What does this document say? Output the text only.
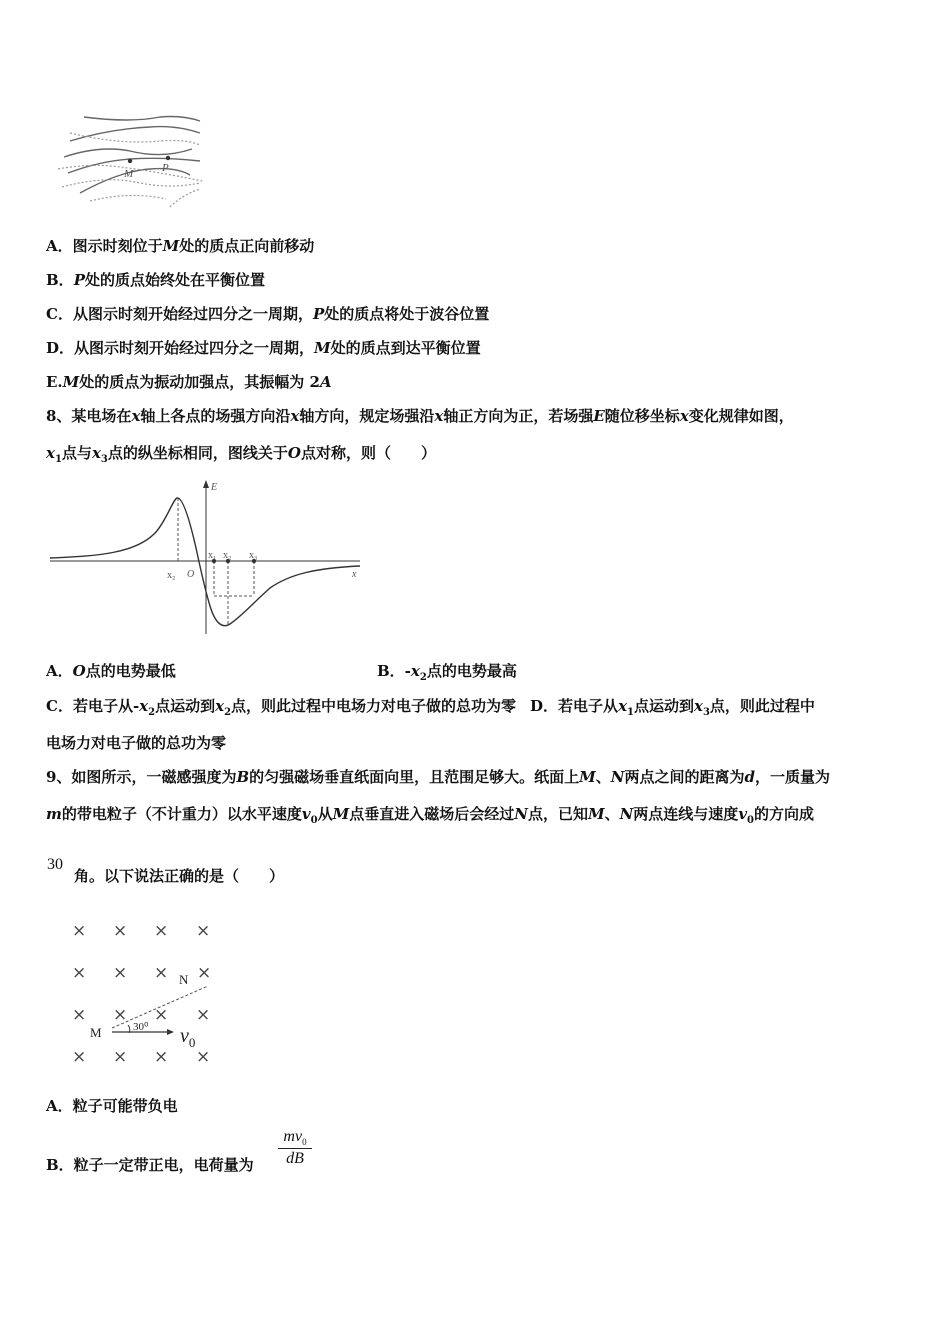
M	P
A．图示时刻位于M处的质点正向前移动
B．P处的质点始终处在平衡位置
C．从图示时刻开始经过四分之一周期，P处的质点将处于波谷位置
D．从图示时刻开始经过四分之一周期，M处的质点到达平衡位置
E.M处的质点为振动加强点，其振幅为 2A
8、某电场在x轴上各点的场强方向沿x轴方向，规定场强沿x轴正方向为正，若场强E随位移坐标x变化规律如图，
$x_1$点与$x_3$点的纵坐标相同，图线关于O点对称，则（　　）
E
O	x
x₂
x₁ x₂ x₃
A．O点的电势最低	B．$-x_2$点的电势最高
C．若电子从$-x_2$点运动到$x_2$点，则此过程中电场力对电子做的总功为零 D．若电子从$x_1$点运动到$x_3$点，则此过程中
电场力对电子做的总功为零
9、如图所示，一磁感强度为B的匀强磁场垂直纸面向里，且范围足够大。纸面上M、N两点之间的距离为d，一质量为
m的带电粒子（不计重力）以水平速度$v_0$从M点垂直进入磁场后会经过N点，已知M、N两点连线与速度$v_0$的方向成
30
角。以下说法正确的是（　　）
× × × ×
× × × ×
× × × ×
× × × ×
M
N
30⁰ $v_0$
A．粒子可能带负电
B．粒子一定带正电，电荷量为
$mv_0$
dB
